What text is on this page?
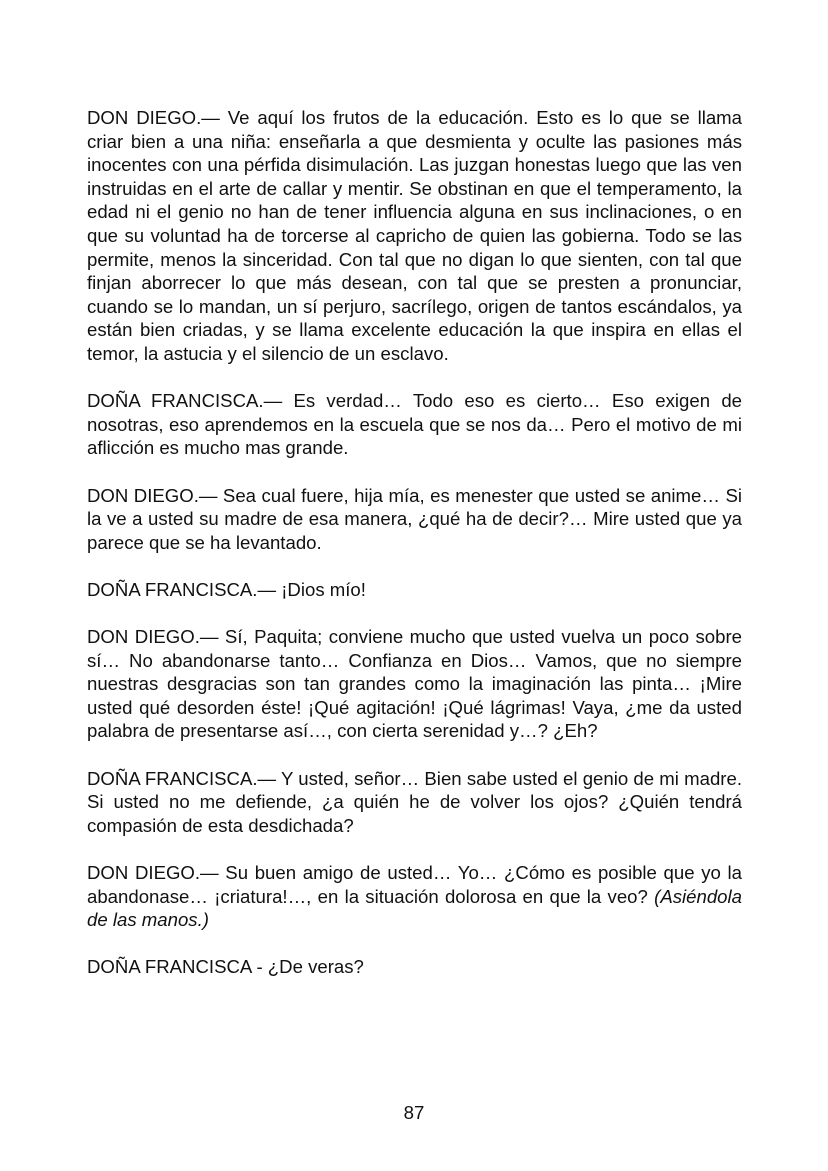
DON DIEGO.— Ve aquí los frutos de la educación. Esto es lo que se llama criar bien a una niña: enseñarla a que desmienta y oculte las pasiones más inocentes con una pérfida disimulación. Las juzgan honestas luego que las ven instruidas en el arte de callar y mentir. Se obstinan en que el temperamento, la edad ni el genio no han de tener influencia alguna en sus inclinaciones, o en que su voluntad ha de torcerse al capricho de quien las gobierna. Todo se las permite, menos la sinceridad. Con tal que no digan lo que sienten, con tal que finjan aborrecer lo que más desean, con tal que se presten a pronunciar, cuando se lo mandan, un sí perjuro, sacrílego, origen de tantos escándalos, ya están bien criadas, y se llama excelente educación la que inspira en ellas el temor, la astucia y el silencio de un esclavo.

DOÑA FRANCISCA.— Es verdad… Todo eso es cierto… Eso exigen de nosotras, eso aprendemos en la escuela que se nos da… Pero el motivo de mi aflicción es mucho mas grande.

DON DIEGO.— Sea cual fuere, hija mía, es menester que usted se anime… Si la ve a usted su madre de esa manera, ¿qué ha de decir?… Mire usted que ya parece que se ha levantado.

DOÑA FRANCISCA.— ¡Dios mío!

DON DIEGO.— Sí, Paquita; conviene mucho que usted vuelva un poco sobre sí… No abandonarse tanto… Confianza en Dios… Vamos, que no siempre nuestras desgracias son tan grandes como la imaginación las pinta… ¡Mire usted qué desorden éste! ¡Qué agitación! ¡Qué lágrimas! Vaya, ¿me da usted palabra de presentarse así…, con cierta serenidad y…? ¿Eh?

DOÑA FRANCISCA.— Y usted, señor… Bien sabe usted el genio de mi madre. Si usted no me defiende, ¿a quién he de volver los ojos? ¿Quién tendrá compasión de esta desdichada?

DON DIEGO.— Su buen amigo de usted… Yo… ¿Cómo es posible que yo la abandonase… ¡criatura!…, en la situación dolorosa en que la veo? (Asiéndola de las manos.)

DOÑA FRANCISCA - ¿De veras?

87
